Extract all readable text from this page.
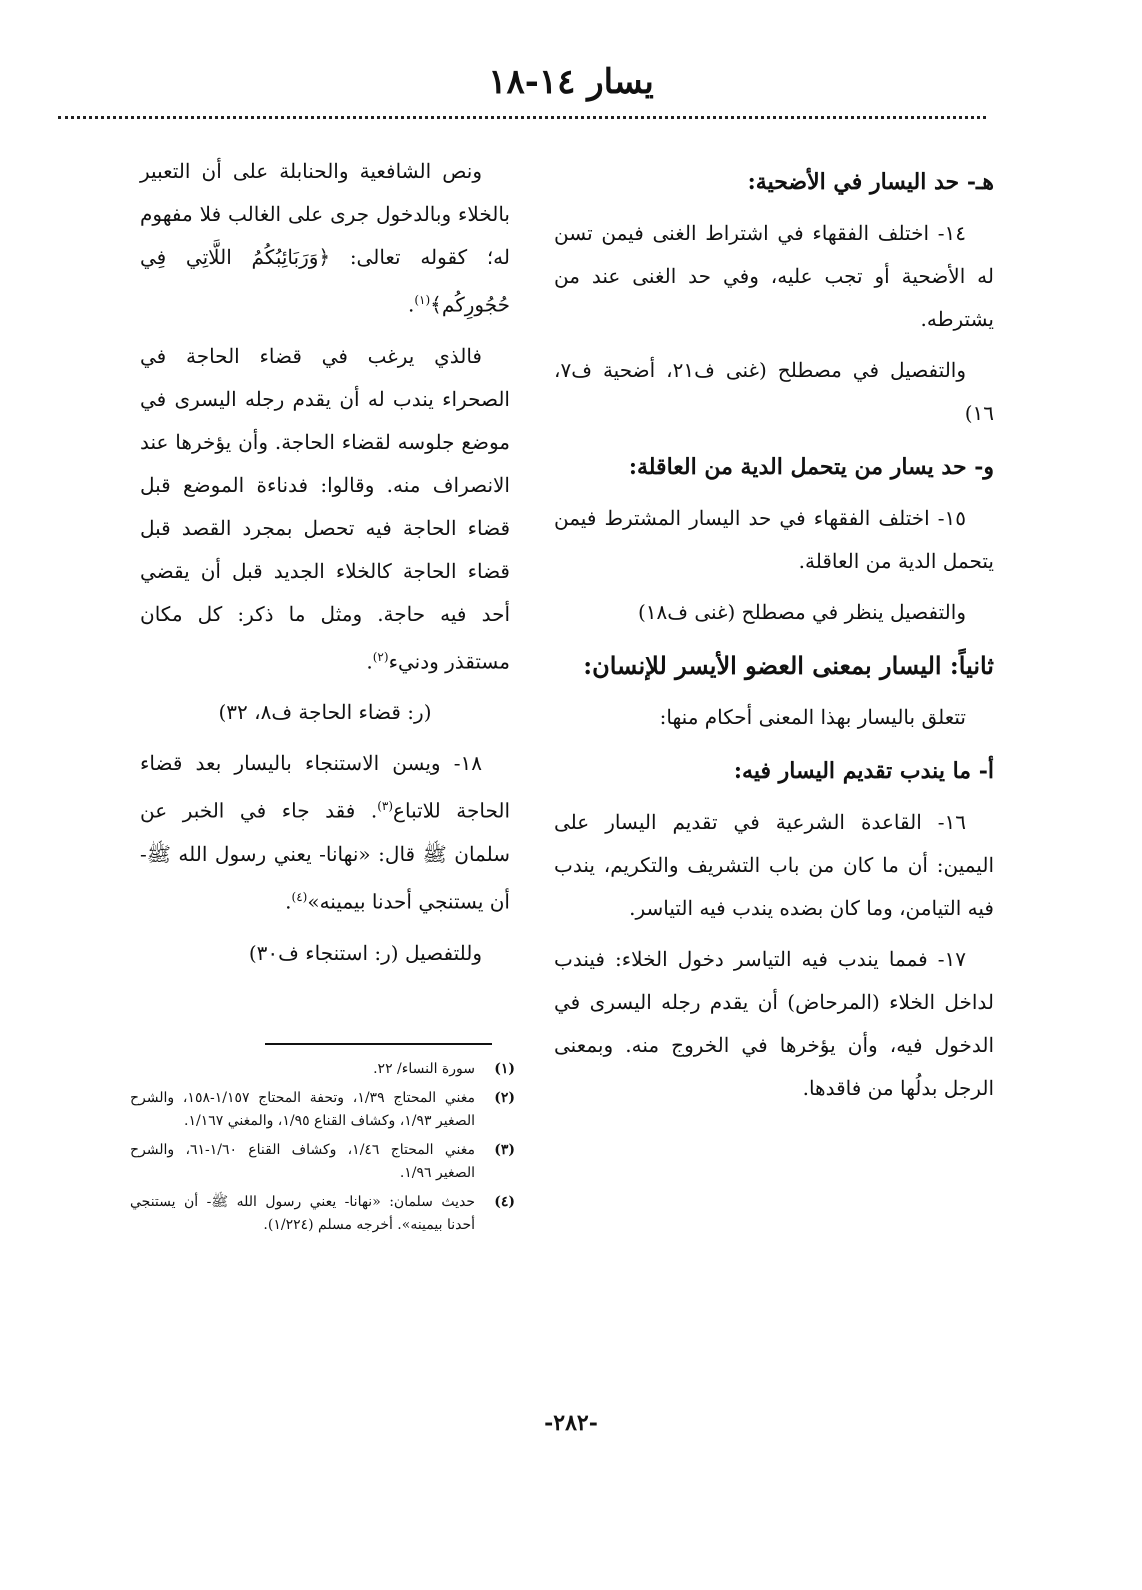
يسار ١٤-١٨
هـ- حد اليسار في الأضحية:

١٤- اختلف الفقهاء في اشتراط الغنى فيمن تسن له الأضحية أو تجب عليه، وفي حد الغنى عند من يشترطه.

والتفصيل في مصطلح (غنى ف٢١، أضحية ف٧، ١٦)

و- حد يسار من يتحمل الدية من العاقلة:

١٥- اختلف الفقهاء في حد اليسار المشترط فيمن يتحمل الدية من العاقلة.

والتفصيل ينظر في مصطلح (غنى ف١٨)

ثانياً: اليسار بمعنى العضو الأيسر للإنسان:

تتعلق باليسار بهذا المعنى أحكام منها:

أ- ما يندب تقديم اليسار فيه:

١٦- القاعدة الشرعية في تقديم اليسار على اليمين: أن ما كان من باب التشريف والتكريم، يندب فيه التيامن، وما كان بضده يندب فيه التياسر.

١٧- فمما يندب فيه التياسر دخول الخلاء: فيندب لداخل الخلاء (المرحاض) أن يقدم رجله اليسرى في الدخول فيه، وأن يؤخرها في الخروج منه. وبمعنى الرجل بدلُها من فاقدها.

ونص الشافعية والحنابلة على أن التعبير بالخلاء وبالدخول جرى على الغالب فلا مفهوم له؛ كقوله تعالى: ﴿وَرَبَائِبُكُمُ اللَّاتِي فِي حُجُورِكُم﴾$^{(١)}$.

فالذي يرغب في قضاء الحاجة في الصحراء يندب له أن يقدم رجله اليسرى في موضع جلوسه لقضاء الحاجة. وأن يؤخرها عند الانصراف منه. وقالوا: فدناءة الموضع قبل قضاء الحاجة فيه تحصل بمجرد القصد قبل قضاء الحاجة كالخلاء الجديد قبل أن يقضي أحد فيه حاجة. ومثل ما ذكر: كل مكان مستقذر ودنيء$^{(٢)}$.

(ر: قضاء الحاجة ف٨، ٣٢)

١٨- ويسن الاستنجاء باليسار بعد قضاء الحاجة للاتباع$^{(٣)}$. فقد جاء في الخبر عن سلمان ﷺ قال: «نهانا- يعني رسول الله ﷺ- أن يستنجي أحدنا بيمينه»$^{(٤)}$.

وللتفصيل (ر: استنجاء ف٣٠)

(١)
سورة النساء/ ٢٢.
(٢)
مغني المحتاج ١/٣٩، وتحفة المحتاج ١/١٥٧-١٥٨، والشرح الصغير ١/٩٣، وكشاف القناع ١/٩٥، والمغني ١/١٦٧.
(٣)
مغني المحتاج ١/٤٦، وكشاف القناع ١/٦٠-٦١، والشرح الصغير ١/٩٦.
(٤)
حديث سلمان: «نهانا- يعني رسول الله ﷺ- أن يستنجي أحدنا بيمينه». أخرجه مسلم (١/٢٢٤).
-٢٨٢-
